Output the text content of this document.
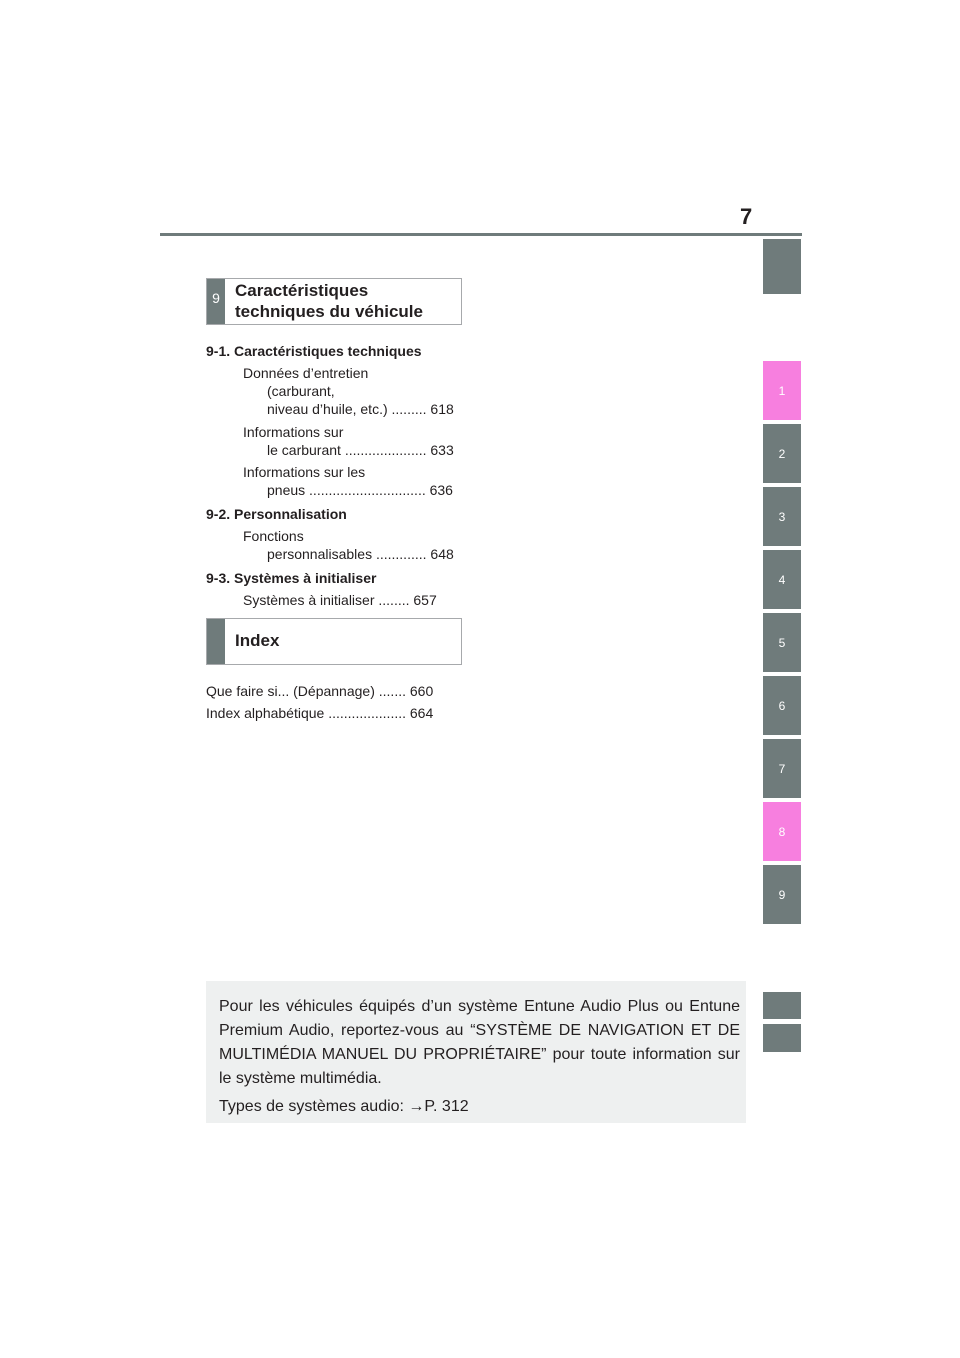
7
1
2
3
4
5
6
7
8
9
9 Caractéristiques
techniques du véhicule
9-1. Caractéristiques techniques
Données d’entretien
(carburant,
niveau d’huile, etc.) ......... 618
Informations sur
le carburant ..................... 633
Informations sur les
pneus .............................. 636
9-2. Personnalisation
Fonctions
personnalisables ............. 648
9-3. Systèmes à initialiser
Systèmes à initialiser ........ 657
Index
Que faire si... (Dépannage) ....... 660
Index alphabétique .................... 664

Pour les véhicules équipés d’un système Entune Audio Plus ou Entune Premium Audio, reportez-vous au “SYSTÈME DE NAVIGATION ET DE MULTIMÉDIA MANUEL DU PROPRIÉTAIRE” pour toute information sur le système multimédia.

Types de systèmes audio: →P. 312
